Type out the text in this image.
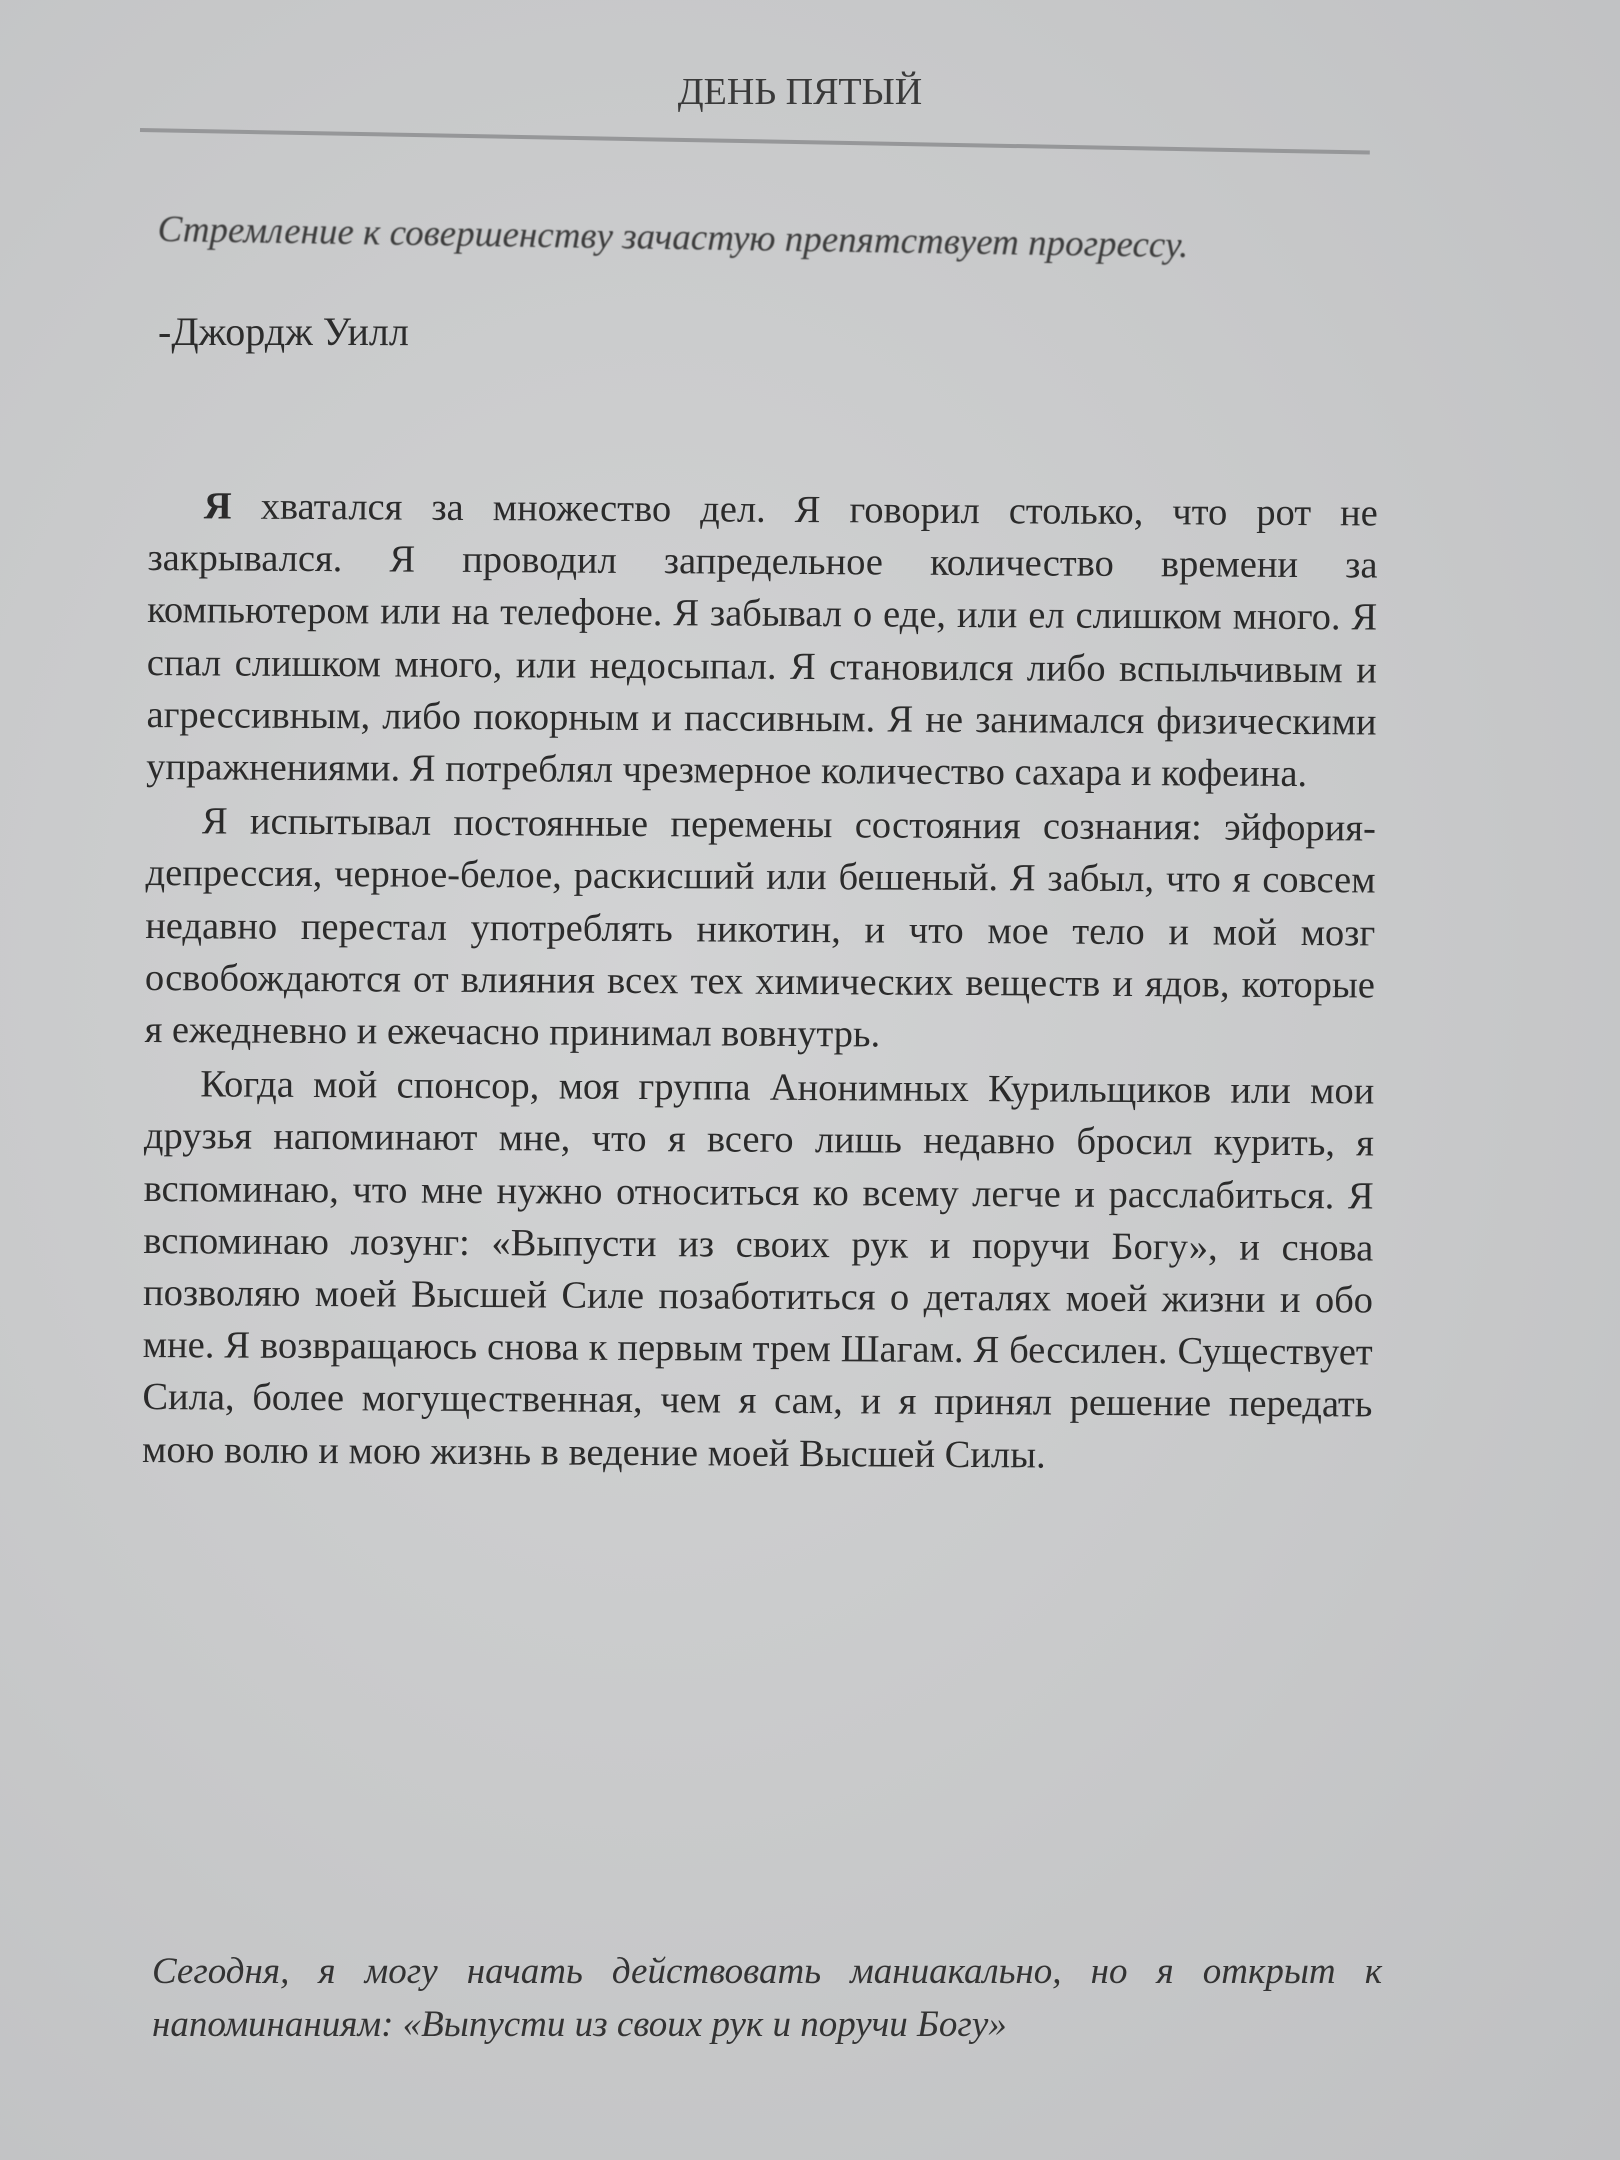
ДЕНЬ ПЯТЫЙ
Стремление к совершенству зачастую препятствует прогрессу.
-Джордж Уилл

Я хватался за множество дел. Я говорил столько, что рот не закрывался. Я проводил запредельное количество времени за компьютером или на телефоне. Я забывал о еде, или ел слишком много. Я спал слишком много, или недосыпал. Я становился либо вспыльчивым и агрессивным, либо покорным и пассивным. Я не занимался физическими упражнениями. Я потреблял чрезмерное количество сахара и кофеина.

Я испытывал постоянные перемены состояния сознания: эйфория-депрессия, черное-белое, раскисший или бешеный. Я забыл, что я совсем недавно перестал употреблять никотин, и что мое тело и мой мозг освобождаются от влияния всех тех химических веществ и ядов, которые я ежедневно и ежечасно принимал вовнутрь.

Когда мой спонсор, моя группа Анонимных Курильщиков или мои друзья напоминают мне, что я всего лишь недавно бросил курить, я вспоминаю, что мне нужно относиться ко всему легче и расслабиться. Я вспоминаю лозунг: «Выпусти из своих рук и поручи Богу», и снова позволяю моей Высшей Силе позаботиться о деталях моей жизни и обо мне. Я возвращаюсь снова к первым трем Шагам. Я бессилен. Существует Сила, более могущественная, чем я сам, и я принял решение передать мою волю и мою жизнь в ведение моей Высшей Силы.

Сегодня, я могу начать действовать маниакально, но я открыт к напоминаниям: «Выпусти из своих рук и поручи Богу»
